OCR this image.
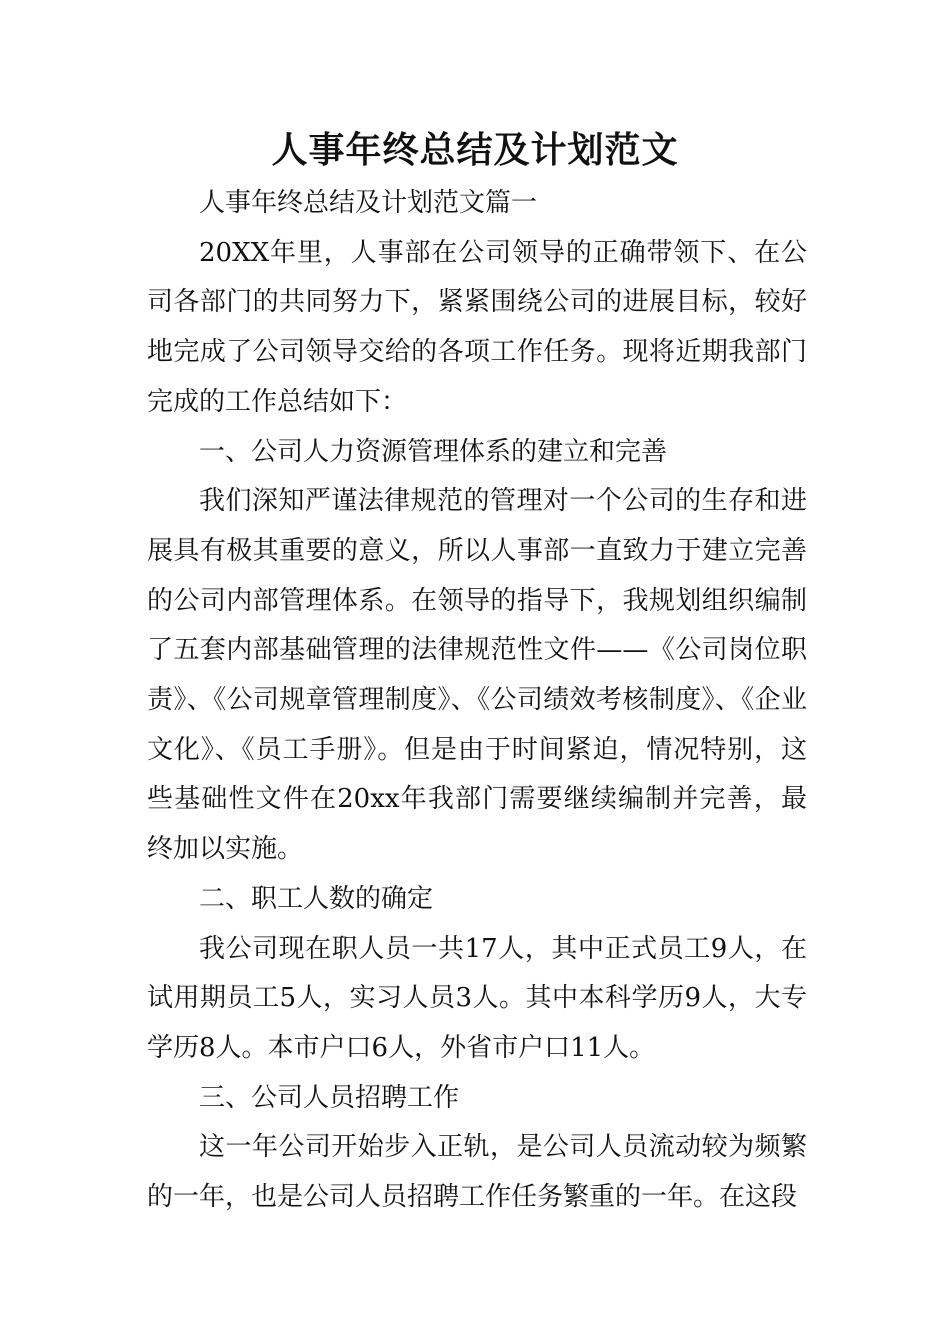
人事年终总结及计划范文

人事年终总结及计划范文篇一

20XX年里，人事部在公司领导的正确带领下、在公司各部门的共同努力下，紧紧围绕公司的进展目标，较好地完成了公司领导交给的各项工作任务。现将近期我部门完成的工作总结如下：

一、公司人力资源管理体系的建立和完善

我们深知严谨法律规范的管理对一个公司的生存和进展具有极其重要的意义，所以人事部一直致力于建立完善的公司内部管理体系。在领导的指导下，我规划组织编制了五套内部基础管理的法律规范性文件——《公司岗位职责》、《公司规章管理制度》、《公司绩效考核制度》、《企业文化》、《员工手册》。但是由于时间紧迫，情况特别，这些基础性文件在20xx年我部门需要继续编制并完善，最终加以实施。

二、职工人数的确定

我公司现在职人员一共17人，其中正式员工9人，在试用期员工5人，实习人员3人。其中本科学历9人，大专学历8人。本市户口6人，外省市户口11人。

三、公司人员招聘工作

这一年公司开始步入正轨，是公司人员流动较为频繁的一年，也是公司人员招聘工作任务繁重的一年。在这段
